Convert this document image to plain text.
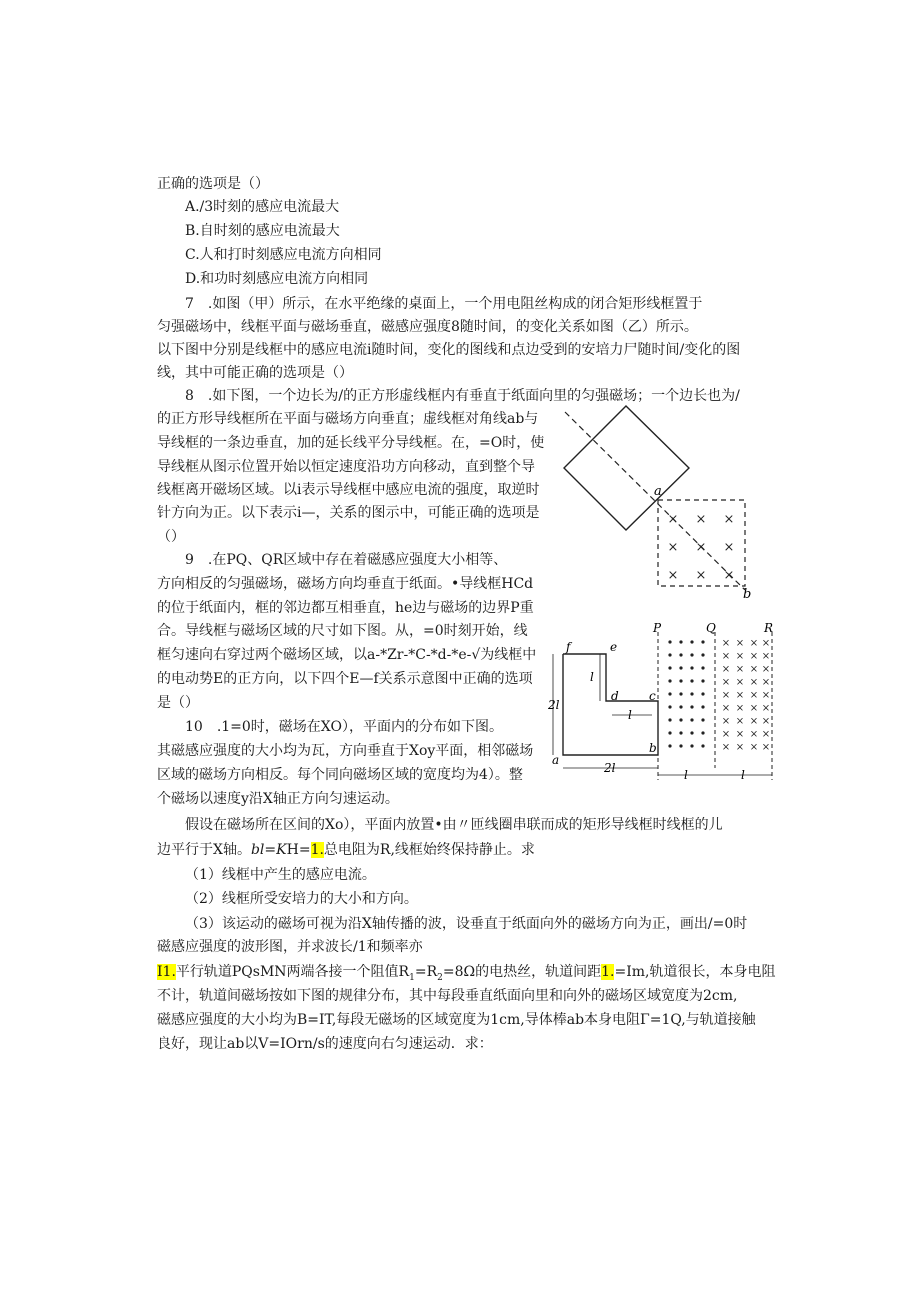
正确的选项是（）
A./3时刻的感应电流最大
B.自时刻的感应电流最大
C.人和打时刻感应电流方向相同
D.和功时刻感应电流方向相同
7　.如图（甲）所示，在水平绝缘的桌面上，一个用电阻丝构成的闭合矩形线框置于
匀强磁场中，线框平面与磁场垂直，磁感应强度8随时间，的变化关系如图（乙）所示。
以下图中分别是线框中的感应电流i随时间，变化的图线和点边受到的安培力尸随时间/变化的图
线，其中可能正确的选项是（）
8　.如下图，一个边长为/的正方形虚线框内有垂直于纸面向里的匀强磁场；一个边长也为/
的正方形导线框所在平面与磁场方向垂直；虚线框对角线ab与
导线框的一条边垂直，加的延长线平分导线框。在，=O时，使
导线框从图示位置开始以恒定速度沿功方向移动，直到整个导
线框离开磁场区域。以i表示导线框中感应电流的强度，取逆时
针方向为正。以下表示i—，关系的图示中，可能正确的选项是
（）
9　.在PQ、QR区域中存在着磁感应强度大小相等、
方向相反的匀强磁场，磁场方向均垂直于纸面。•导线框HCd
的位于纸面内，框的邻边都互相垂直，he边与磁场的边界P重
合。导线框与磁场区域的尺寸如下图。从，=0时刻开始，线
框匀速向右穿过两个磁场区域，以a-*Zr-*C-*d-*e-√为线框中
的电动势E的正方向，以下四个E—f关系示意图中正确的选项
是（）
10　.1=0时，磁场在XO），平面内的分布如下图。
其磁感应强度的大小均为瓦，方向垂直于Xoy平面，相邻磁场
区域的磁场方向相反。每个同向磁场区域的宽度均为4）。整
个磁场以速度y沿X轴正方向匀速运动。
假设在磁场所在区间的Xo），平面内放置•由〃匝线圈串联而成的矩形导线框时线框的儿
边平行于X轴。bl=KH=1.总电阻为R,线框始终保持静止。求
（1）线框中产生的感应电流。
（2）线框所受安培力的大小和方向。
（3）该运动的磁场可视为沿X轴传播的波，设垂直于纸面向外的磁场方向为正，画出/=0时
磁感应强度的波形图，并求波长/1和频率亦
I1.平行轨道PQsMN两端各接一个阻值$R_1=R_2=8\Omega$的电热丝，轨道间距1.=Im,轨道很长，本身电阻
不计，轨道间磁场按如下图的规律分布，其中每段垂直纸面向里和向外的磁场区域宽度为2cm,
磁感应强度的大小均为B=IT,每段无磁场的区域宽度为1cm,导体棒ab本身电阻Γ=1Q,与轨道接触
良好，现让ab以V=IOrn/s的速度向右匀速运动．求：
× × ×
× × ×
× × ×
a
b
× × × ×
× × × ×
× × × ×
× × × ×
× × × ×
× × × ×
× × × ×
× × × ×
× × × ×
P	Q	R
f	e
d	c
b
a
2l
l
l
2l	l	l
